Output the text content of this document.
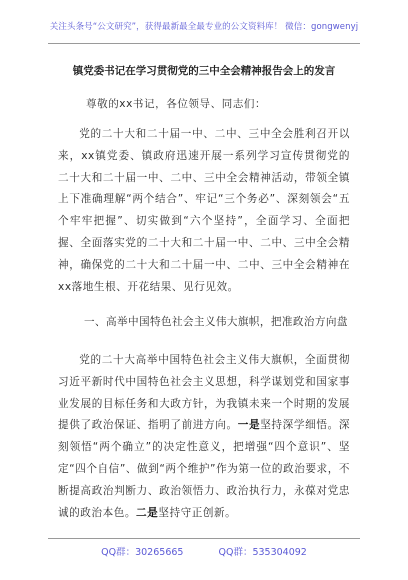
关注头条号“公文研究”，获得最新最全最专业的公文资料库！ 微信：gongwenyj
镇党委书记在学习贯彻党的三中全会精神报告会上的发言
尊敬的xx书记，各位领导、同志们：

党的二十大和二十届一中、二中、三中全会胜利召开以来，xx镇党委、镇政府迅速开展一系列学习宣传贯彻党的二十大和二十届一中、二中、三中全会精神活动，带领全镇上下准确理解“两个结合”、牢记“三个务必”、深刻领会“五个牢牢把握”、切实做到“六个坚持”，全面学习、全面把握、全面落实党的二十大和二十届一中、二中、三中全会精神，确保党的二十大和二十届一中、二中、三中全会精神在xx落地生根、开花结果、见行见效。

一、高举中国特色社会主义伟大旗帜，把准政治方向盘

党的二十大高举中国特色社会主义伟大旗帜，全面贯彻习近平新时代中国特色社会主义思想，科学谋划党和国家事业发展的目标任务和大政方针，为我镇未来一个时期的发展提供了政治保证、指明了前进方向。一是坚持深学细悟。深刻领悟“两个确立”的决定性意义，把增强“四个意识”、坚定“四个自信”、做到“两个维护”作为第一位的政治要求，不断提高政治判断力、政治领悟力、政治执行力，永葆对党忠诚的政治本色。二是坚持守正创新。

QQ群：30265665	QQ群：535304092
